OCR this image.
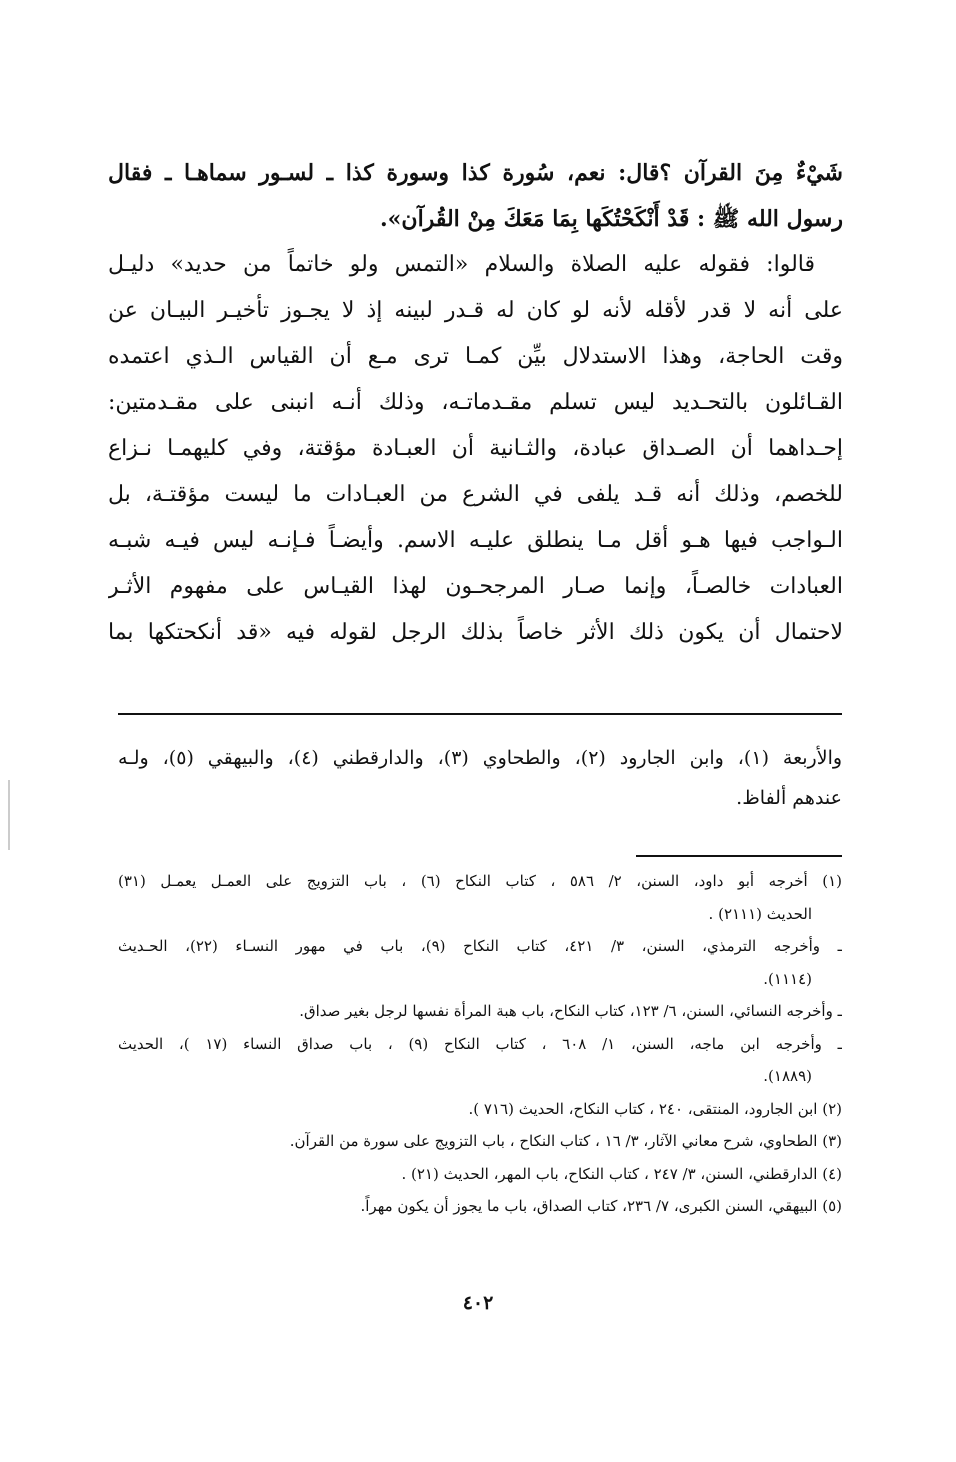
شَيْءٌ مِنَ القرآن ؟قال: نعم، سُورة كذا وسورة كذا ـ لسـور سماهـا ـ فقال
رسول الله ﷺ : قَدْ أَنْكَحْتُكَها بِمَا مَعَكَ مِنْ القُرآن».
قالوا: فقوله عليه الصلاة والسلام «التمس ولو خاتماً من حديد» دليـل
على أنه لا قدر لأقله لأنه لو كان له قـدر لبينه إذ لا يجـوز تأخيـر البيـان عن
وقت الحاجة، وهذا الاستدلال بيِّن كمـا ترى مـع أن القياس الـذي اعتمده
القـائلون بالتحـديد ليس تسلم مقـدماتـه، وذلك أنـه انبنى على مقـدمتين:
إحـداهما أن الصـداق عبادة، والثـانية أن العبـادة مؤقتة، وفي كليهمـا نـزاع
للخصم، وذلك أنه قـد يلفى في الشرع من العبـادات ما ليست مؤقتـة، بل
الـواجب فيها هـو أقل مـا ينطلق عليـه الاسم. وأيضـاً فـإنـه ليس فيـه شبـه
العبادات خالصـاً، وإنما صـار المرجحـون لهذا القيـاس على مفهوم الأثـر
لاحتمال أن يكون ذلك الأثر خاصاً بذلك الرجل لقوله فيه «قد أنكحتكها بما
والأربعة (١)، وابن الجارود (٢)، والطحاوي (٣)، والدارقطني (٤)، والبيهقي (٥)، ولـه
عندهم ألفاظ.
(١) أخرجه أبو داود، السنن، ٢/ ٥٨٦ ، كتاب النكاح (٦) ، باب التزويج على العمـل يعمـل (٣١)
الحديث (٢١١١) .
ـ وأخرجه الترمذي، السنن، ٣/ ٤٢١، كتاب النكاح (٩)، باب في مهور النسـاء (٢٢)، الحـديث
(١١١٤).
ـ وأخرجه النسائي، السنن، ٦/ ١٢٣، كتاب النكاح، باب هبة المرأة نفسها لرجل بغير صداق.
ـ وأخرجه ابن ماجه، السنن، ١/ ٦٠٨ ، كتاب النكاح (٩) ، باب صداق النساء (١٧ )، الحديث
(١٨٨٩).
(٢) ابن الجارود، المنتقى، ٢٤٠ ، كتاب النكاح، الحديث (٧١٦ ).
(٣) الطحاوي، شرح معاني الآثار، ٣/ ١٦ ، كتاب النكاح ، باب التزويج على سورة من القرآن.
(٤) الدارقطني، السنن، ٣/ ٢٤٧ ، كتاب النكاح، باب المهر، الحديث (٢١) .
(٥) البيهقي، السنن الكبرى، ٧/ ٢٣٦، كتاب الصداق، باب ما يجوز أن يكون مهراً.
٤٠٢
